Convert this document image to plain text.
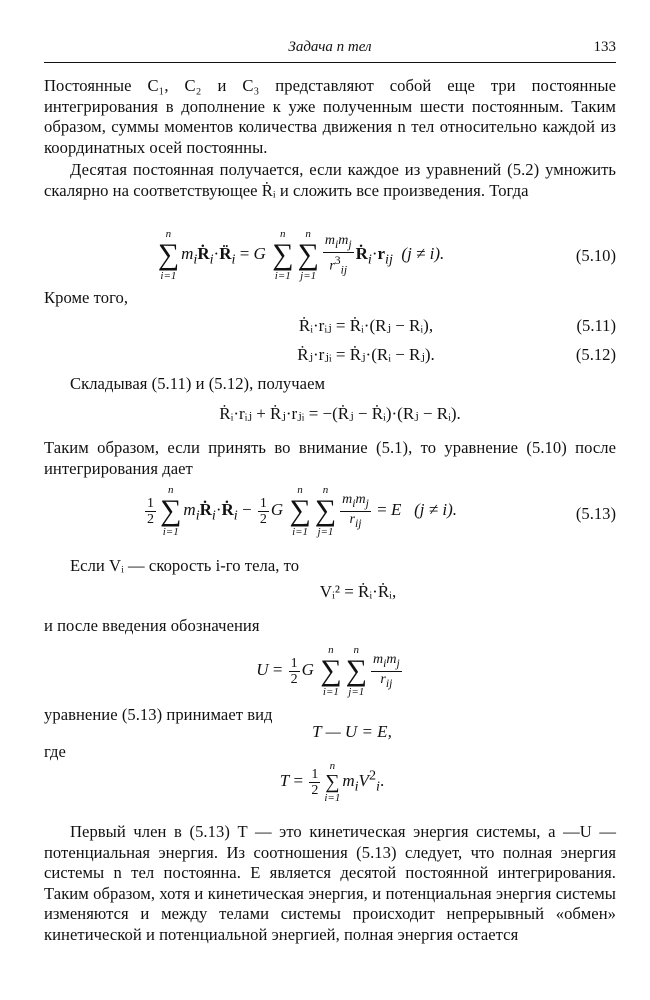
Задача n тел	133
Постоянные C₁, C₂ и C₃ представляют собой еще три постоянные интегрирования в дополнение к уже полученным шести постоянным. Таким образом, суммы моментов количества движения n тел относительно каждой из координатных осей постоянны.
Десятая постоянная получается, если каждое из уравнений (5.2) умножить скалярно на соответствующее Ṙᵢ и сложить все произведения. Тогда
n
∑
i=1
$m_iṘ_i\cdot R̈_i = G$
n
∑
i=1
n
∑
$j=1 \frac{m_im_j}{r^3_{ij}}$ $Ṙ_i\cdot r_{ij}$ (j ≠ i).	(5.10)
Кроме того,
Ṙᵢ·rᵢⱼ = Ṙᵢ·(Rⱼ − Rᵢ),	(5.11)
Ṙⱼ·rⱼᵢ = Ṙⱼ·(Rᵢ − Rⱼ).	(5.12)
Складывая (5.11) и (5.12), получаем
Ṙᵢ·rᵢⱼ + Ṙⱼ·rⱼᵢ = −(Ṙⱼ − Ṙᵢ)·(Rⱼ − Rᵢ).
Таким образом, если принять во внимание (5.1), то уравнение (5.10) после интегрирования дает
$\frac{1}{2}$
n
∑
i=1
$m_iṘ_i\cdot Ṙ_i - \frac{1}{2}$ G
n
∑
i=1
n
∑
j=1
$\frac{m_im_j}{r_{ij}} = E$ (j ≠ i).	(5.13)
Если Vᵢ — скорость i-го тела, то
Vᵢ² = Ṙᵢ·Ṙᵢ,
и после введения обозначения
$U = \frac{1}{2}$ G
n
∑
i=1
n
∑
j=1
$\frac{m_im_j}{r_{ij}}$
уравнение (5.13) принимает вид
T — U = E,
где
$T = \frac{1}{2}$
n
∑
i=1
$m_iV^2_i$.
Первый член в (5.13) T — это кинетическая энергия системы, а —U — потенциальная энергия. Из соотношения (5.13) следует, что полная энергия системы n тел постоянна. E является десятой постоянной интегрирования. Таким образом, хотя и кинетическая энергия, и потенциальная энергия системы изменяются и между телами системы происходит непрерывный «обмен» кинетической и потенциальной энергией, полная энергия остается
